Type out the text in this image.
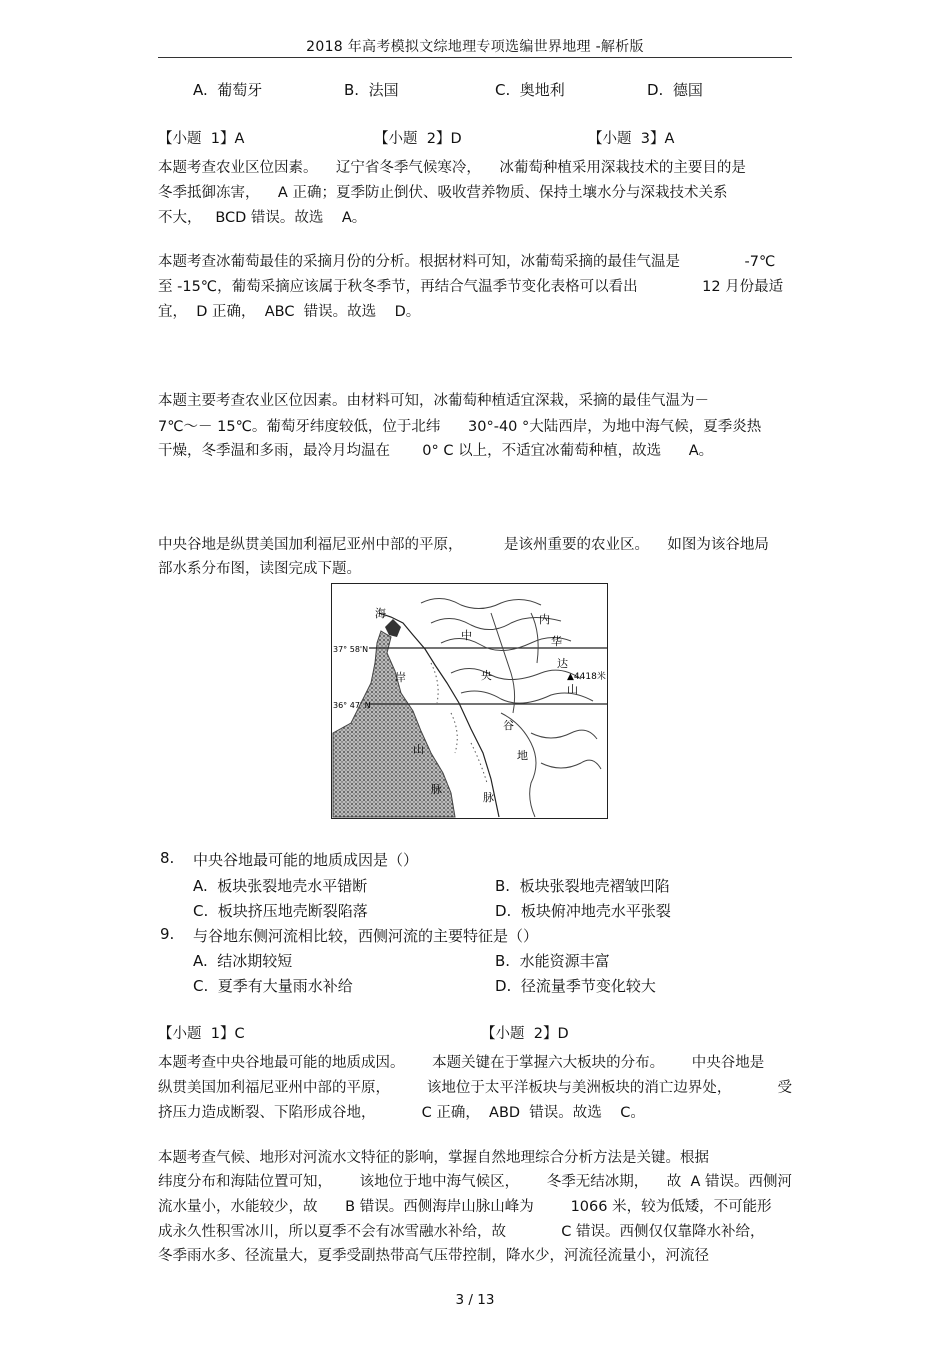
2018 年高考模拟文综地理专项选编世界地理 -解析版
A.  葡萄牙	B.  法国	C.  奥地利	D.  德国
【小题  1】A	【小题  2】D	【小题  3】A
本题考查农业区位因素。    辽宁省冬季气候寒冷，    冰葡萄种植采用深栽技术的主要目的是
冬季抵御冻害，    A 正确；夏季防止倒伏、吸收营养物质、保持土壤水分与深栽技术关系
不大，   BCD 错误。故选    A。
本题考查冰葡萄最佳的采摘月份的分析。根据材料可知，冰葡萄采摘的最佳气温是              -7℃
至 -15℃，葡萄采摘应该属于秋冬季节，再结合气温季节变化表格可以看出              12 月份最适
宜，  D 正确，  ABC  错误。故选    D。
本题主要考查农业区位因素。由材料可知，冰葡萄种植适宜深栽，采摘的最佳气温为－
7℃～－ 15℃。葡萄牙纬度较低，位于北纬      30°-40 °大陆西岸，为地中海气候，夏季炎热
干燥，冬季温和多雨，最冷月均温在       0° C 以上，不适宜冰葡萄种植，故选      A。
中央谷地是纵贯美国加利福尼亚州中部的平原，         是该州重要的农业区。    如图为该谷地局
部水系分布图，读图完成下题。
37° 58'N
36° 47' N
▲4418米
海
岸
山
脉
中
央
谷
地
内
华
达
山
脉
8. 中央谷地最可能的地质成因是（）
A.  板块张裂地壳水平错断	B.  板块张裂地壳褶皱凹陷
C.  板块挤压地壳断裂陷落	D.  板块俯冲地壳水平张裂
9. 与谷地东侧河流相比较，西侧河流的主要特征是（）
A.  结冰期较短	B.  水能资源丰富
C.  夏季有大量雨水补给	D.  径流量季节变化较大
【小题  1】C	【小题  2】D
本题考查中央谷地最可能的地质成因。      本题关键在于掌握六大板块的分布。      中央谷地是
纵贯美国加利福尼亚州中部的平原，        该地位于太平洋板块与美洲板块的消亡边界处，          受
挤压力造成断裂、下陷形成谷地，          C 正确，  ABD  错误。故选    C。
本题考查气候、地形对河流水文特征的影响，掌握自然地理综合分析方法是关键。根据
纬度分布和海陆位置可知，      该地位于地中海气候区，      冬季无结冰期，    故  A 错误。西侧河
流水量小，水能较少，故      B 错误。西侧海岸山脉山峰为        1066 米，较为低矮，不可能形
成永久性积雪冰川，所以夏季不会有冰雪融水补给，故            C 错误。西侧仅仅靠降水补给，
冬季雨水多、径流量大，夏季受副热带高气压带控制，降水少，河流径流量小，河流径
3 / 13
